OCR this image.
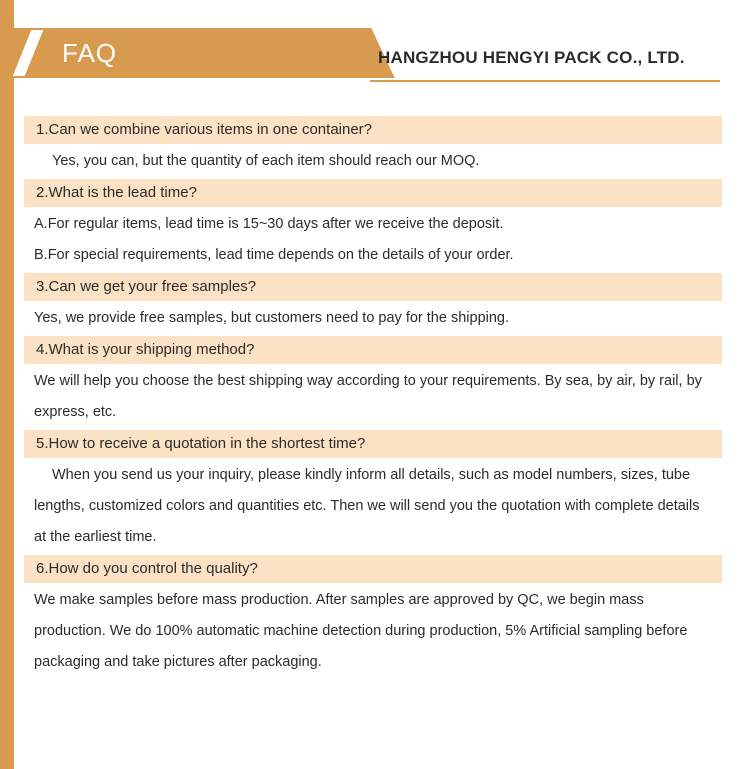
FAQ	HANGZHOU HENGYI PACK CO., LTD.
1.Can we combine various items in one container?
Yes, you can, but the quantity of each item should reach our MOQ.
2.What is the lead time?
A.For regular items, lead time is 15~30 days after we receive the deposit.
B.For special requirements, lead time depends on the details of your order.
3.Can we get your free samples?
Yes, we provide free samples, but customers need to pay for the shipping.
4.What is your shipping method?
We will help you choose the best shipping way according to your requirements. By sea, by air, by rail, by express, etc.
5.How to receive a quotation in the shortest time?
When you send us your inquiry, please kindly inform all details, such as model numbers, sizes, tube lengths, customized colors and quantities etc. Then we will send you the quotation with complete details at the earliest time.
6.How do you control the quality?
We make samples before mass production. After samples are approved by QC, we begin mass production. We do 100% automatic machine detection during production, 5% Artificial sampling before packaging and take pictures after packaging.
